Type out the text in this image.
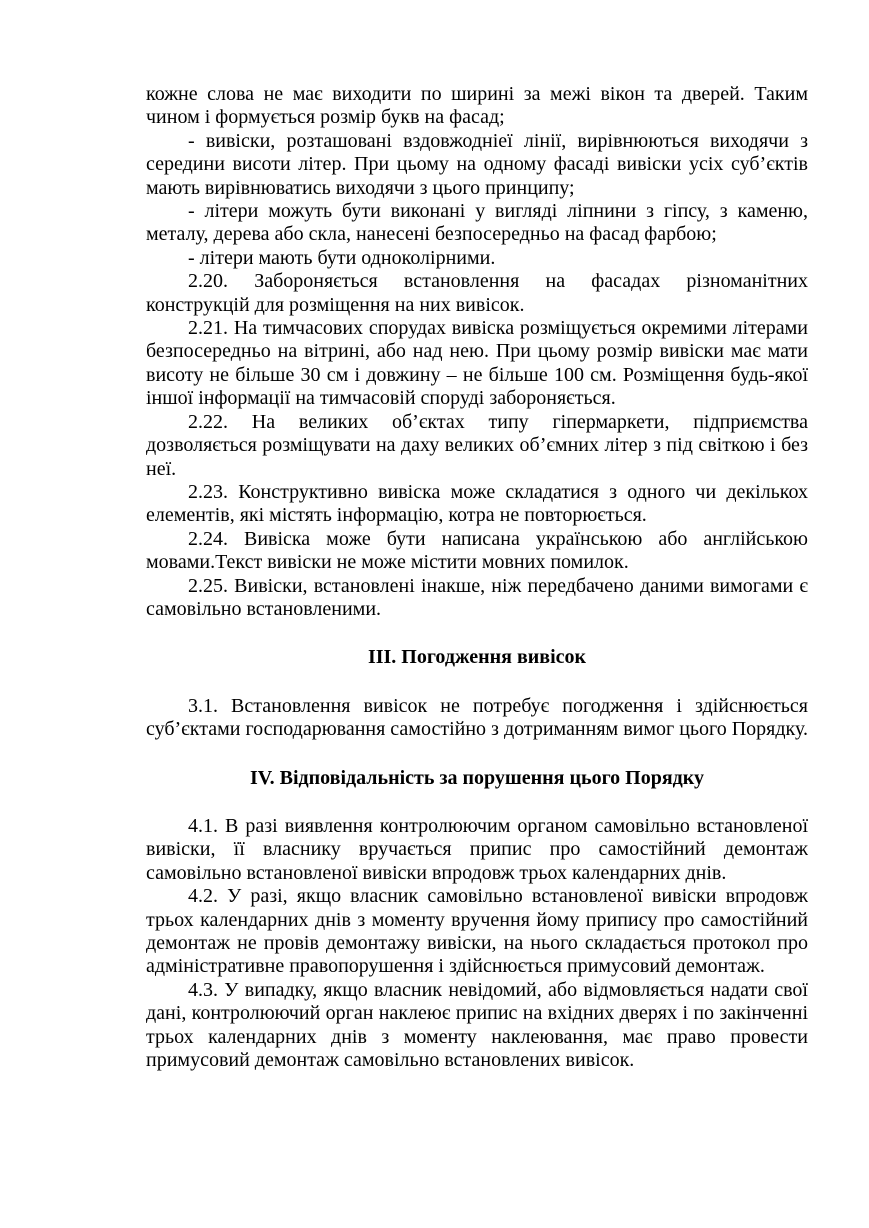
кожне слова не має виходити по ширині за межі вікон та дверей. Таким чином і формується розмір букв на фасад;

- вивіски, розташовані вздовжодніеї лінії, вирівнюються виходячи з середини висоти літер. При цьому на одному фасаді вивіски усіх суб’єктів мають вирівнюватись виходячи з цього принципу;

- літери можуть бути виконані у вигляді ліпнини з гіпсу, з каменю, металу, дерева або скла, нанесені безпосередньо на фасад фарбою;

- літери мають бути одноколірними.

2.20. Забороняється встановлення на фасадах різноманітних конструкцій для розміщення на них вивісок.

2.21. На тимчасових спорудах вивіска розміщується окремими літерами безпосередньо на вітрині, або над нею. При цьому розмір вивіски має мати висоту не більше 30 см і довжину – не більше 100 см. Розміщення будь-якої іншої інформації на тимчасовій споруді забороняється.

2.22. На великих об’єктах типу гіпермаркети, підприємства дозволяється розміщувати на даху великих об’ємних літер з під світкою і без неї.

2.23. Конструктивно вивіска може складатися з одного чи декількох елементів, які містять інформацію, котра не повторюється.

2.24. Вивіска може бути написана українською або англійською мовами.Текст вивіски не може містити мовних помилок.

2.25. Вивіски, встановлені інакше, ніж передбачено даними вимогами є самовільно встановленими.

ІІІ. Погодження вивісок

3.1. Встановлення вивісок не потребує погодження і здійснюється суб’єктами господарювання самостійно з дотриманням вимог цього Порядку.

ІV. Відповідальність за порушення цього Порядку

4.1. В разі виявлення контролюючим органом самовільно встановленої вивіски, її власнику вручається припис про самостійний демонтаж самовільно встановленої вивіски впродовж трьох календарних днів.

4.2. У разі, якщо власник самовільно встановленої вивіски впродовж трьох календарних днів з моменту вручення йому припису про самостійний демонтаж не провів демонтажу вивіски, на нього складається протокол про адміністративне правопорушення і здійснюється примусовий демонтаж.

4.3. У випадку, якщо власник невідомий, або відмовляється надати свої дані, контролюючий орган наклеює припис на вхідних дверях і по закінченні трьох календарних днів з моменту наклеювання, має право провести примусовий демонтаж самовільно встановлених вивісок.
